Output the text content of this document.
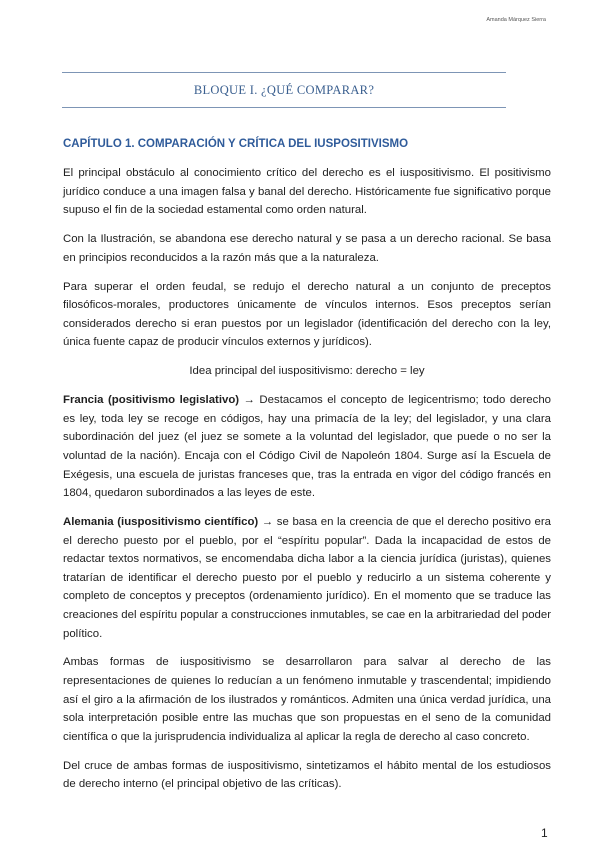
Amanda Márquez Sierra
BLOQUE I. ¿QUÉ COMPARAR?
CAPÍTULO 1. COMPARACIÓN Y CRÍTICA DEL IUSPOSITIVISMO

El principal obstáculo al conocimiento crítico del derecho es el iuspositivismo. El positivismo jurídico conduce a una imagen falsa y banal del derecho. Históricamente fue significativo porque supuso el fin de la sociedad estamental como orden natural.

Con la Ilustración, se abandona ese derecho natural y se pasa a un derecho racional. Se basa en principios reconducidos a la razón más que a la naturaleza.

Para superar el orden feudal, se redujo el derecho natural a un conjunto de preceptos filosóficos-morales, productores únicamente de vínculos internos. Esos preceptos serían considerados derecho si eran puestos por un legislador (identificación del derecho con la ley, única fuente capaz de producir vínculos externos y jurídicos).

Idea principal del iuspositivismo: derecho = ley

Francia (positivismo legislativo) → Destacamos el concepto de legicentrismo; todo derecho es ley, toda ley se recoge en códigos, hay una primacía de la ley; del legislador, y una clara subordinación del juez (el juez se somete a la voluntad del legislador, que puede o no ser la voluntad de la nación). Encaja con el Código Civil de Napoleón 1804. Surge así la Escuela de Exégesis, una escuela de juristas franceses que, tras la entrada en vigor del código francés en 1804, quedaron subordinados a las leyes de este.

Alemania (iuspositivismo científico) → se basa en la creencia de que el derecho positivo era el derecho puesto por el pueblo, por el “espíritu popular”. Dada la incapacidad de estos de redactar textos normativos, se encomendaba dicha labor a la ciencia jurídica (juristas), quienes tratarían de identificar el derecho puesto por el pueblo y reducirlo a un sistema coherente y completo de conceptos y preceptos (ordenamiento jurídico). En el momento que se traduce las creaciones del espíritu popular a construcciones inmutables, se cae en la arbitrariedad del poder político.

Ambas formas de iuspositivismo se desarrollaron para salvar al derecho de las representaciones de quienes lo reducían a un fenómeno inmutable y trascendental; impidiendo así el giro a la afirmación de los ilustrados y románticos. Admiten una única verdad jurídica, una sola interpretación posible entre las muchas que son propuestas en el seno de la comunidad científica o que la jurisprudencia individualiza al aplicar la regla de derecho al caso concreto.

Del cruce de ambas formas de iuspositivismo, sintetizamos el hábito mental de los estudiosos de derecho interno (el principal objetivo de las críticas).

1
